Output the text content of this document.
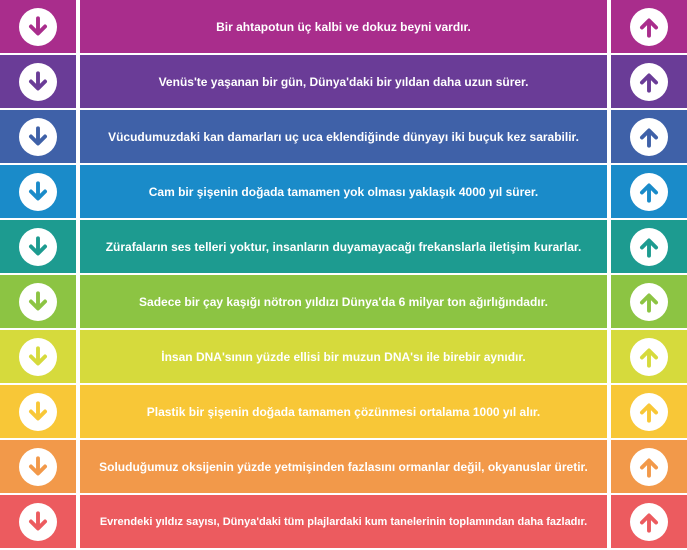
Bir ahtapotun üç kalbi ve dokuz beyni vardır.
Venüs'te yaşanan bir gün, Dünya'daki bir yıldan daha uzun sürer.
Vücudumuzdaki kan damarları uç uca eklendiğinde dünyayı iki buçuk kez sarabilir.
Cam bir şişenin doğada tamamen yok olması yaklaşık 4000 yıl sürer.
Zürafaların ses telleri yoktur, insanların duyamayacağı frekanslarla iletişim kurarlar.
Sadece bir çay kaşığı nötron yıldızı Dünya'da 6 milyar ton ağırlığındadır.
İnsan DNA'sının yüzde ellisi bir muzun DNA'sı ile birebir aynıdır.
Plastik bir şişenin doğada tamamen çözünmesi ortalama 1000 yıl alır.
Soluduğumuz oksijenin yüzde yetmişinden fazlasını ormanlar değil, okyanuslar üretir.
Evrendeki yıldız sayısı, Dünya'daki tüm plajlardaki kum tanelerinin toplamından daha fazladır.
